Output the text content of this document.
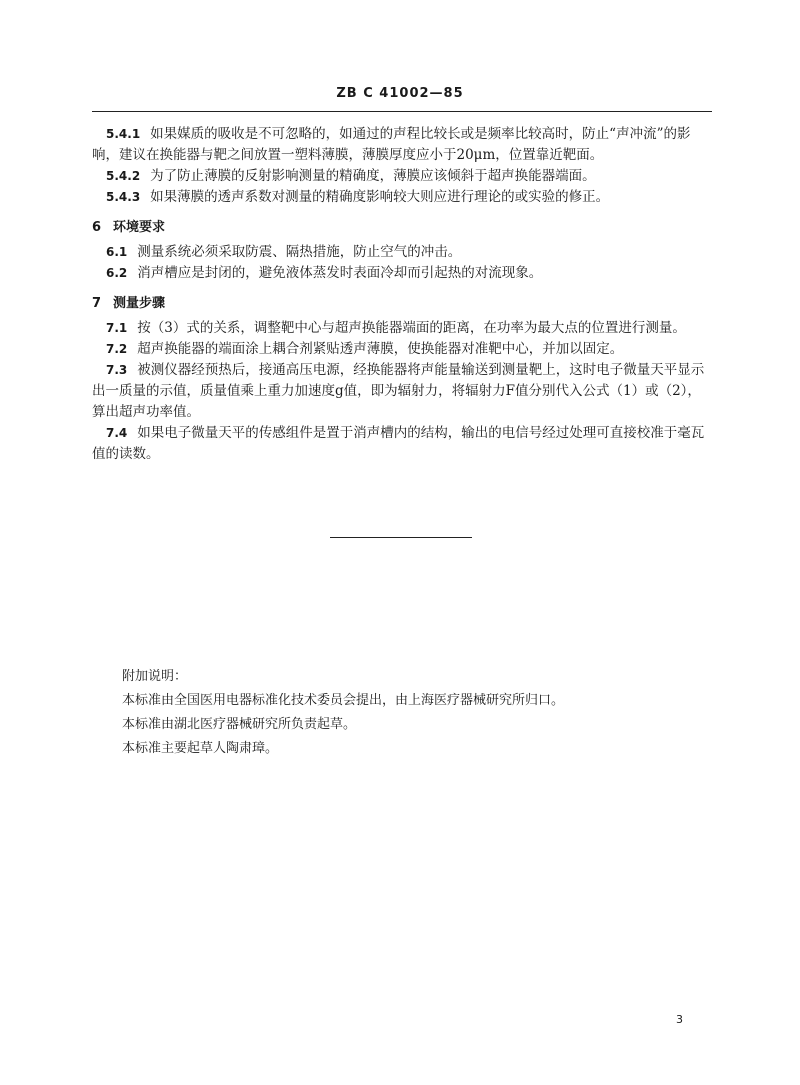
ZB C 41002—85

5.4.1 如果媒质的吸收是不可忽略的，如通过的声程比较长或是频率比较高时，防止“声冲流”的影响，建议在换能器与靶之间放置一塑料薄膜，薄膜厚度应小于20μm，位置靠近靶面。

5.4.2 为了防止薄膜的反射影响测量的精确度，薄膜应该倾斜于超声换能器端面。

5.4.3 如果薄膜的透声系数对测量的精确度影响较大则应进行理论的或实验的修正。

6 环境要求

6.1 测量系统必须采取防震、隔热措施，防止空气的冲击。

6.2 消声槽应是封闭的，避免液体蒸发时表面冷却而引起热的对流现象。

7 测量步骤

7.1 按（3）式的关系，调整靶中心与超声换能器端面的距离，在功率为最大点的位置进行测量。

7.2 超声换能器的端面涂上耦合剂紧贴透声薄膜，使换能器对准靶中心，并加以固定。

7.3 被测仪器经预热后，接通高压电源，经换能器将声能量输送到测量靶上，这时电子微量天平显示出一质量的示值，质量值乘上重力加速度g值，即为辐射力，将辐射力F值分别代入公式（1）或（2），算出超声功率值。

7.4 如果电子微量天平的传感组件是置于消声槽内的结构，输出的电信号经过处理可直接校准于毫瓦值的读数。

附加说明：
本标准由全国医用电器标准化技术委员会提出，由上海医疗器械研究所归口。
本标准由湖北医疗器械研究所负责起草。
本标准主要起草人陶肃璋。
3
